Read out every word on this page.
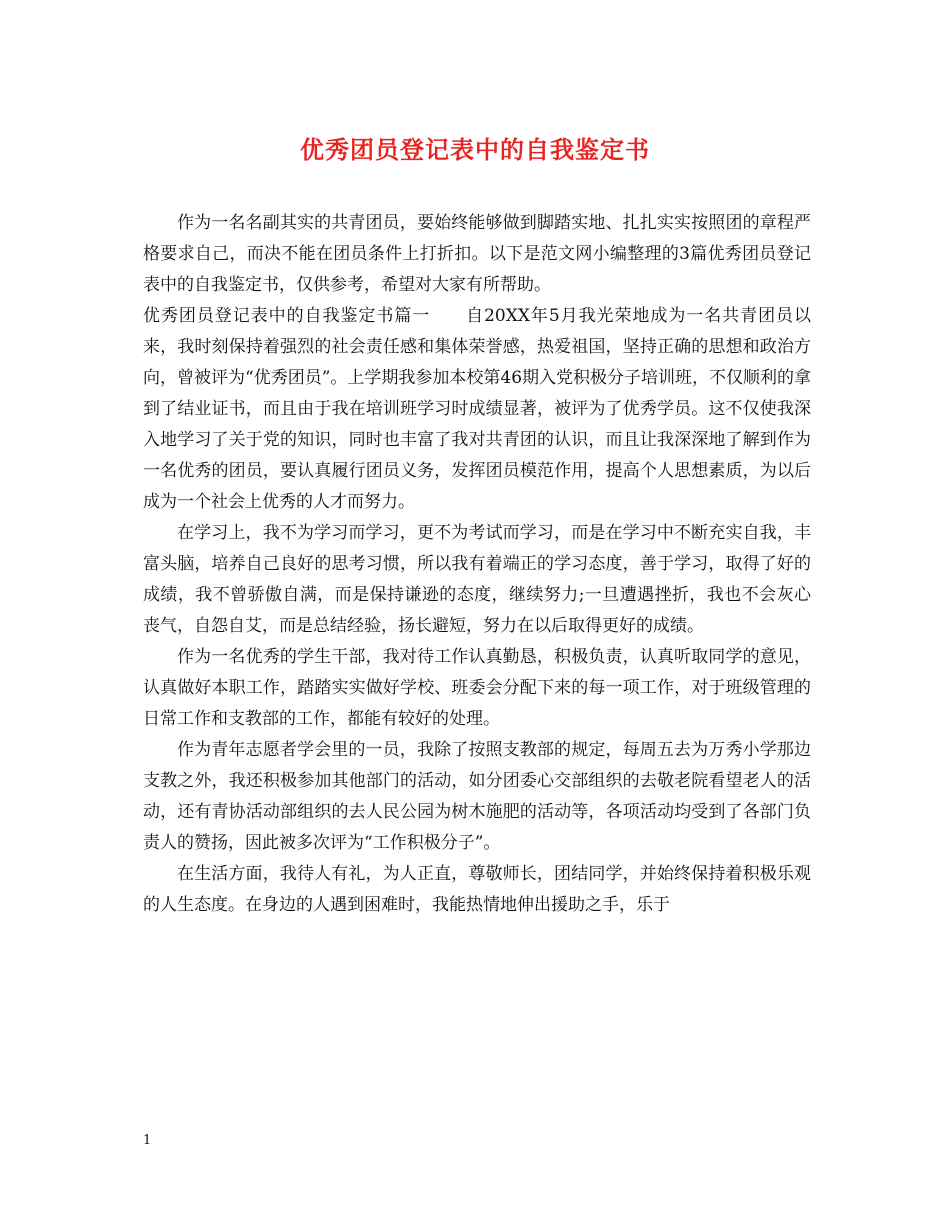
优秀团员登记表中的自我鉴定书

作为一名名副其实的共青团员，要始终能够做到脚踏实地、扎扎实实按照团的章程严格要求自己，而决不能在团员条件上打折扣。以下是范文网小编整理的3篇优秀团员登记表中的自我鉴定书，仅供参考，希望对大家有所帮助。

优秀团员登记表中的自我鉴定书篇一　　自20XX年5月我光荣地成为一名共青团员以来，我时刻保持着强烈的社会责任感和集体荣誉感，热爱祖国，坚持正确的思想和政治方向，曾被评为“优秀团员”。上学期我参加本校第46期入党积极分子培训班，不仅顺利的拿到了结业证书，而且由于我在培训班学习时成绩显著，被评为了优秀学员。这不仅使我深入地学习了关于党的知识，同时也丰富了我对共青团的认识，而且让我深深地了解到作为一名优秀的团员，要认真履行团员义务，发挥团员模范作用，提高个人思想素质，为以后成为一个社会上优秀的人才而努力。

在学习上，我不为学习而学习，更不为考试而学习，而是在学习中不断充实自我，丰富头脑，培养自己良好的思考习惯，所以我有着端正的学习态度，善于学习，取得了好的成绩，我不曾骄傲自满，而是保持谦逊的态度，继续努力;一旦遭遇挫折，我也不会灰心丧气，自怨自艾，而是总结经验，扬长避短，努力在以后取得更好的成绩。

作为一名优秀的学生干部，我对待工作认真勤恳，积极负责，认真听取同学的意见，认真做好本职工作，踏踏实实做好学校、班委会分配下来的每一项工作，对于班级管理的日常工作和支教部的工作，都能有较好的处理。

作为青年志愿者学会里的一员，我除了按照支教部的规定，每周五去为万秀小学那边支教之外，我还积极参加其他部门的活动，如分团委心交部组织的去敬老院看望老人的活动，还有青协活动部组织的去人民公园为树木施肥的活动等，各项活动均受到了各部门负责人的赞扬，因此被多次评为“工作积极分子”。

在生活方面，我待人有礼，为人正直，尊敬师长，团结同学，并始终保持着积极乐观的人生态度。在身边的人遇到困难时，我能热情地伸出援助之手，乐于

1
